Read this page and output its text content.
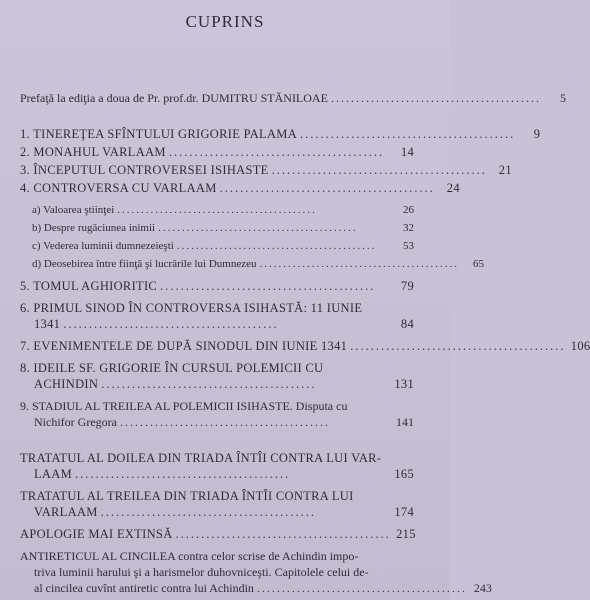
CUPRINS
Prefaţă la ediţia a doua de Pr. prof.dr. DUMITRU STĂNILOAE ..........................................	5
1. TINEREŢEA SFÎNTULUI GRIGORIE PALAMA ..........................................	9
2. MONAHUL VARLAAM ..........................................	14
3. ÎNCEPUTUL CONTROVERSEI ISIHASTE .......................................... 21
4. CONTROVERSA CU VARLAAM .......................................... 24
a) Valoarea ştiinţei ..........................................	26
b) Despre rugăciunea inimii ..........................................	32
c) Vederea luminii dumnezeieşti ..........................................	53
d) Deosebirea între fiinţă şi lucrările lui Dumnezeu ..........................................	65
5. TOMUL AGHIORITIC ..........................................	79
6. PRIMUL SINOD ÎN CONTROVERSA ISIHASTĂ: 11 IUNIE
1341 ..........................................	84
7. EVENIMENTELE DE DUPĂ SINODUL DIN IUNIE 1341 .......................................... 106
8. IDEILE SF. GRIGORIE ÎN CURSUL POLEMICII CU
ACHINDIN ..........................................	131
9. STADIUL AL TREILEA AL POLEMICII ISIHASTE. Disputa cu
Nichifor Gregora ..........................................	141
TRATATUL AL DOILEA DIN TRIADA ÎNTÎI CONTRA LUI VAR-
LAAM ..........................................	165
TRATATUL AL TREILEA DIN TRIADA ÎNTÎI CONTRA LUI
VARLAAM ..........................................	174
APOLOGIE MAI EXTINSĂ .......................................... 215
ANTIRETICUL AL CINCILEA contra celor scrise de Achindin impo-
triva luminii harului şi a harismelor duhovniceşti. Capitolele celui de-
al cincilea cuvînt antiretic contra lui Achindin .......................................... 243
